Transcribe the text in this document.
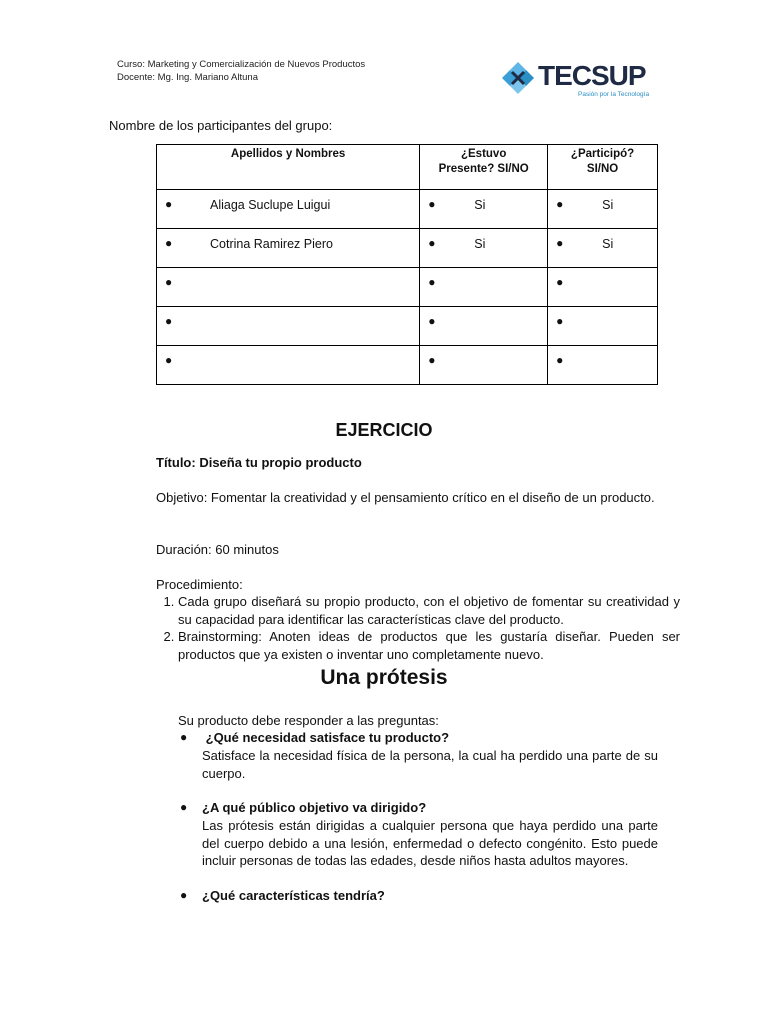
Curso: Marketing y Comercialización de Nuevos Productos
Docente: Mg. Ing. Mariano Altuna	TECSUP
Pasión por la Tecnología
Nombre de los participantes del grupo:
Apellidos y Nombres	¿Estuvo Presente? SI/NO	¿Participó? SI/NO

● Aliaga Suclupe Luigui	● Si	● Si

● Cotrina Ramirez Piero	● Si	● Si

●	●	●

●	●	●

●	●	●
EJERCICIO
Título: Diseña tu propio producto
Objetivo: Fomentar la creatividad y el pensamiento crítico en el diseño de un producto.
Duración: 60 minutos
Procedimiento:
1. Cada grupo diseñará su propio producto, con el objetivo de fomentar su creatividad y su capacidad para identificar las características clave del producto.
2. Brainstorming: Anoten ideas de productos que les gustaría diseñar. Pueden ser productos que ya existen o inventar uno completamente nuevo.
Una prótesis
Su producto debe responder a las preguntas:
● ¿Qué necesidad satisface tu producto?
Satisface la necesidad física de la persona, la cual ha perdido una parte de su cuerpo.
● ¿A qué público objetivo va dirigido?
Las prótesis están dirigidas a cualquier persona que haya perdido una parte del cuerpo debido a una lesión, enfermedad o defecto congénito. Esto puede incluir personas de todas las edades, desde niños hasta adultos mayores.
● ¿Qué características tendría?
